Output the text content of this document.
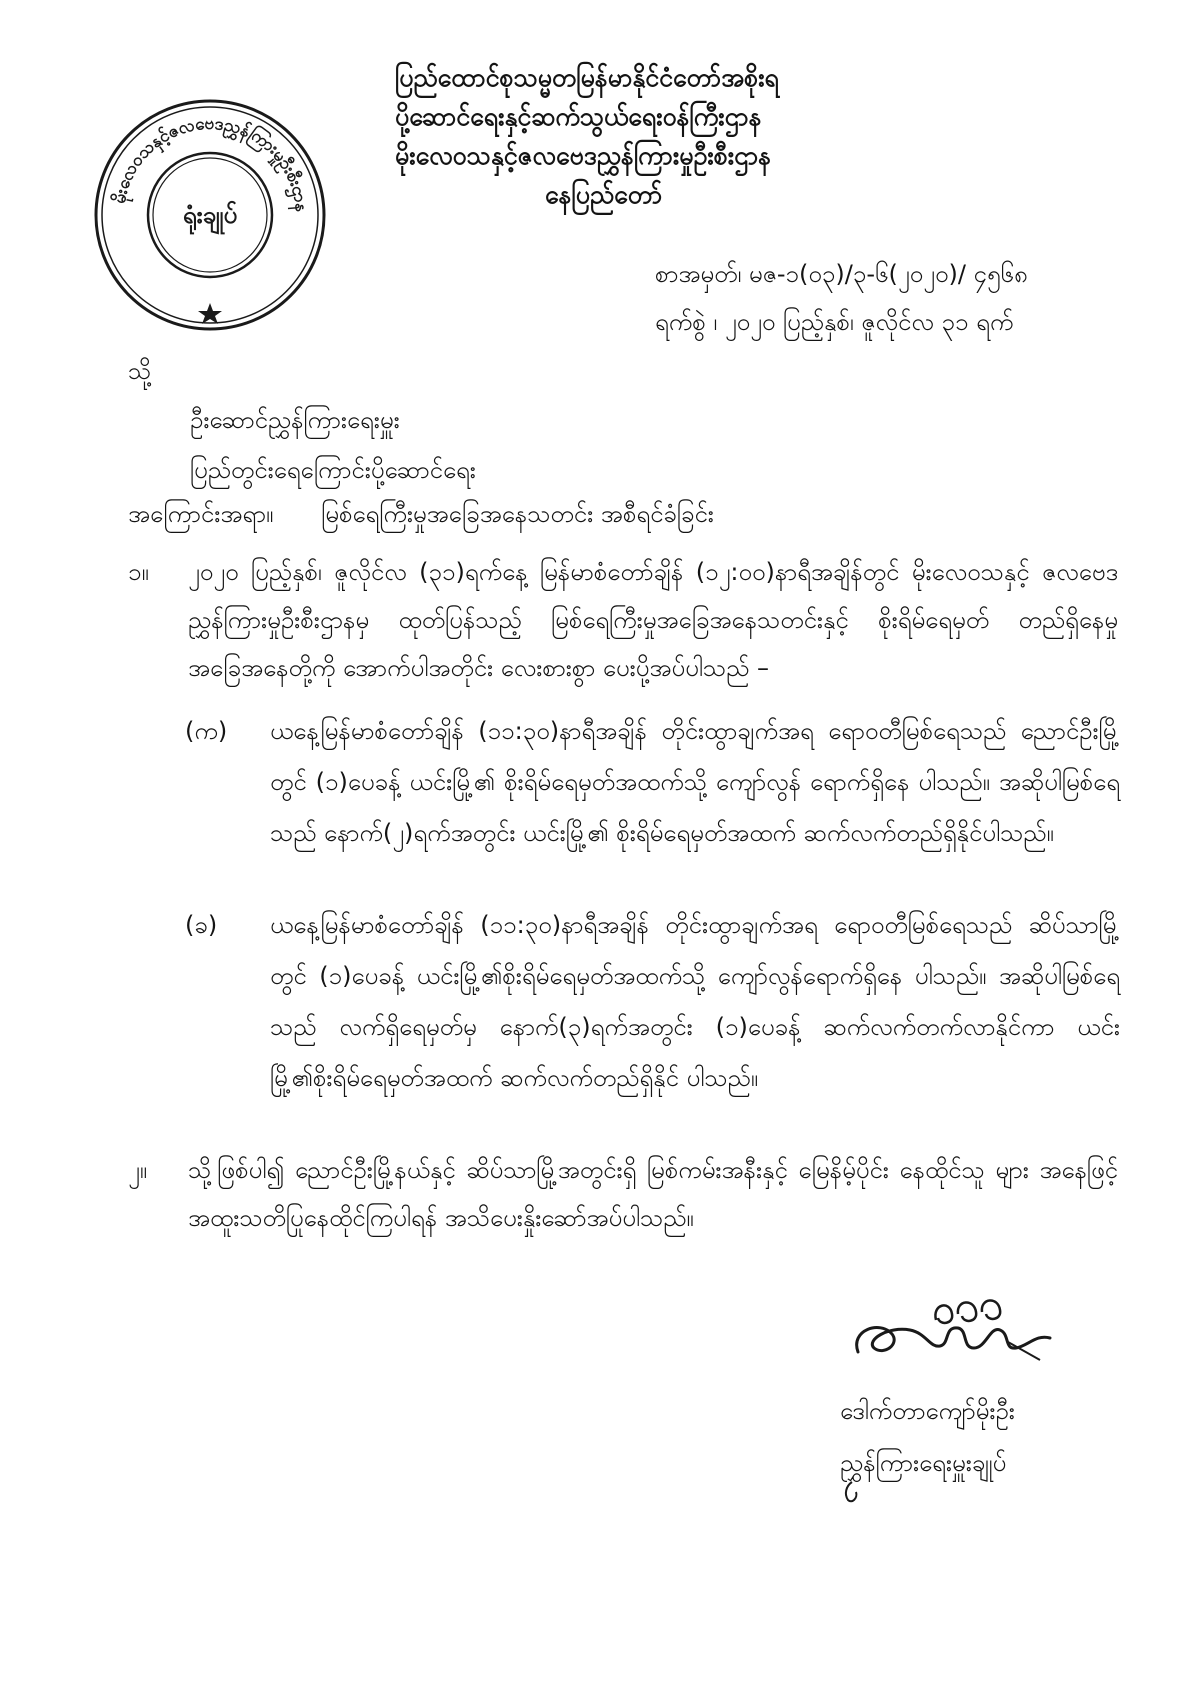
မိုးလေဝသနှင့်ဇလဗေဒညွှန်ကြားမှုဦးစီးဌာန
ရုံးချုပ်
ပြည်ထောင်စုသမ္မတမြန်မာနိုင်ငံတော်အစိုးရ
ပို့ဆောင်ရေးနှင့်ဆက်သွယ်ရေးဝန်ကြီးဌာန
မိုးလေဝသနှင့်ဇလဗေဒညွှန်ကြားမှုဦးစီးဌာန
နေပြည်တော်
စာအမှတ်၊ မဇ-၁(၀၃)/၃-၆(၂၀၂၀)/ ၄၅၆၈
ရက်စွဲ ၊ ၂၀၂၀ ပြည့်နှစ်၊ ဇူလိုင်လ ၃၁ ရက်
သို့
ဦးဆောင်ညွှန်ကြားရေးမှူး
ပြည်တွင်းရေကြောင်းပို့ဆောင်ရေး
အကြောင်းအရာ။ မြစ်ရေကြီးမှုအခြေအနေသတင်း အစီရင်ခံခြင်း
၁။	၂၀၂၀ ပြည့်နှစ်၊ ဇူလိုင်လ (၃၁)ရက်နေ့ မြန်မာစံတော်ချိန် (၁၂:၀၀)နာရီအချိန်တွင် မိုးလေဝသနှင့် ဇလဗေဒညွှန်ကြားမှုဦးစီးဌာနမှ ထုတ်ပြန်သည့် မြစ်ရေကြီးမှုအခြေအနေသတင်းနှင့် စိုးရိမ်ရေမှတ် တည်ရှိနေမှု အခြေအနေတို့ကို အောက်ပါအတိုင်း လေးစားစွာ ပေးပို့အပ်ပါသည် –
(က)	ယနေ့မြန်မာစံတော်ချိန် (၁၁:၃၀)နာရီအချိန် တိုင်းထွာချက်အရ ရော၀တီမြစ်ရေသည် ညောင်ဦးမြို့တွင် (၁)ပေခန့် ယင်းမြို့၏ စိုးရိမ်ရေမှတ်အထက်သို့ ကျော်လွန် ရောက်ရှိနေ ပါသည်။ အဆိုပါမြစ်ရေသည် နောက်(၂)ရက်အတွင်း ယင်းမြို့၏ စိုးရိမ်ရေမှတ်အထက် ဆက်လက်တည်ရှိနိုင်ပါသည်။
(ခ)	ယနေ့မြန်မာစံတော်ချိန် (၁၁:၃၀)နာရီအချိန် တိုင်းထွာချက်အရ ရော၀တီမြစ်ရေသည် ဆိပ်သာမြို့တွင် (၁)ပေခန့် ယင်းမြို့၏စိုးရိမ်ရေမှတ်အထက်သို့ ကျော်လွန်ရောက်ရှိနေ ပါသည်။ အဆိုပါမြစ်ရေသည် လက်ရှိရေမှတ်မှ နောက်(၃)ရက်အတွင်း (၁)ပေခန့် ဆက်လက်တက်လာနိုင်ကာ ယင်းမြို့၏စိုးရိမ်ရေမှတ်အထက် ဆက်လက်တည်ရှိနိုင် ပါသည်။
၂။	သို့ဖြစ်ပါ၍ ညောင်ဦးမြို့နယ်နှင့် ဆိပ်သာမြို့အတွင်းရှိ မြစ်ကမ်းအနီးနှင့် မြေနိမ့်ပိုင်း နေထိုင်သူ များ အနေဖြင့် အထူးသတိပြုနေထိုင်ကြပါရန် အသိပေးနှိုးဆော်အပ်ပါသည်။
ဒေါက်တာကျော်မိုးဦး
ညွှန်ကြားရေးမှူးချုပ်
